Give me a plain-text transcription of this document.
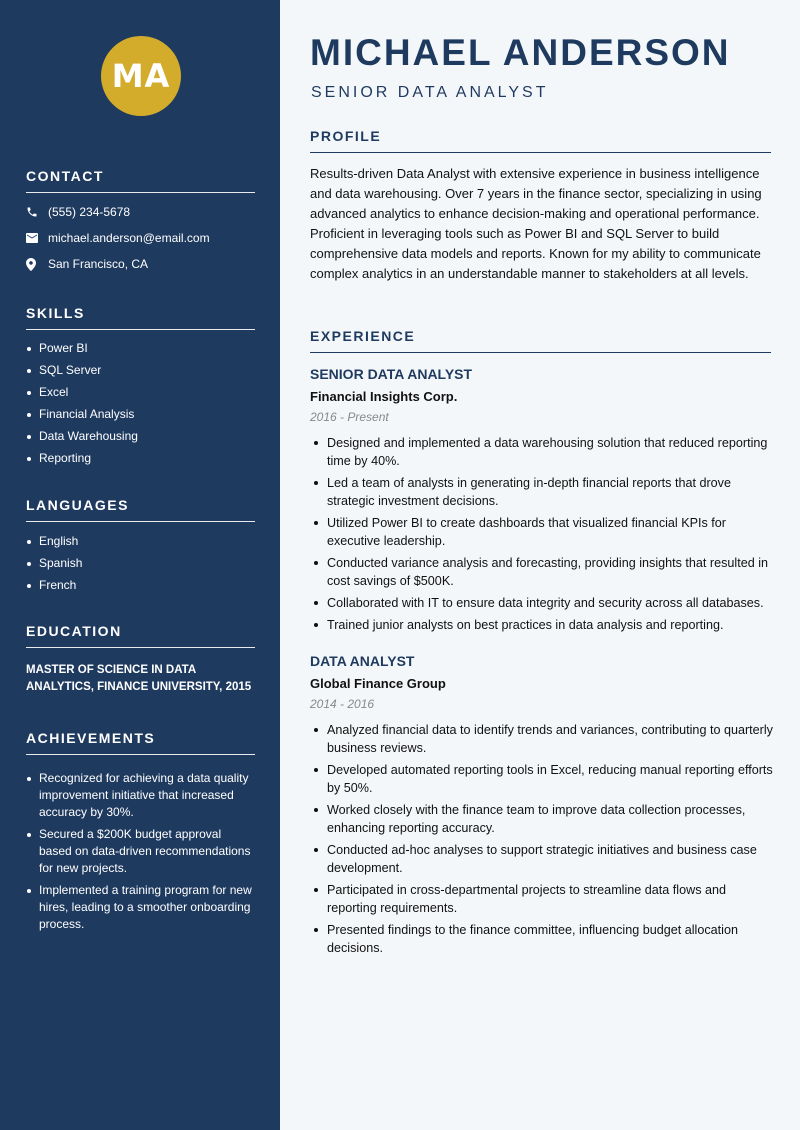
MA
CONTACT
(555) 234-5678
michael.anderson@email.com
San Francisco, CA
SKILLS
Power BI
SQL Server
Excel
Financial Analysis
Data Warehousing
Reporting
LANGUAGES
English
Spanish
French
EDUCATION
MASTER OF SCIENCE IN DATA ANALYTICS, FINANCE UNIVERSITY, 2015
ACHIEVEMENTS
Recognized for achieving a data quality improvement initiative that increased accuracy by 30%.
Secured a $200K budget approval based on data-driven recommendations for new projects.
Implemented a training program for new hires, leading to a smoother onboarding process.
MICHAEL ANDERSON
SENIOR DATA ANALYST
PROFILE

Results-driven Data Analyst with extensive experience in business intelligence and data warehousing. Over 7 years in the finance sector, specializing in using advanced analytics to enhance decision-making and operational performance. Proficient in leveraging tools such as Power BI and SQL Server to build comprehensive data models and reports. Known for my ability to communicate complex analytics in an understandable manner to stakeholders at all levels.

EXPERIENCE
SENIOR DATA ANALYST
Financial Insights Corp.
2016 - Present
Designed and implemented a data warehousing solution that reduced reporting time by 40%.
Led a team of analysts in generating in-depth financial reports that drove strategic investment decisions.
Utilized Power BI to create dashboards that visualized financial KPIs for executive leadership.
Conducted variance analysis and forecasting, providing insights that resulted in cost savings of $500K.
Collaborated with IT to ensure data integrity and security across all databases.
Trained junior analysts on best practices in data analysis and reporting.
DATA ANALYST
Global Finance Group
2014 - 2016
Analyzed financial data to identify trends and variances, contributing to quarterly business reviews.
Developed automated reporting tools in Excel, reducing manual reporting efforts by 50%.
Worked closely with the finance team to improve data collection processes, enhancing reporting accuracy.
Conducted ad-hoc analyses to support strategic initiatives and business case development.
Participated in cross-departmental projects to streamline data flows and reporting requirements.
Presented findings to the finance committee, influencing budget allocation decisions.
